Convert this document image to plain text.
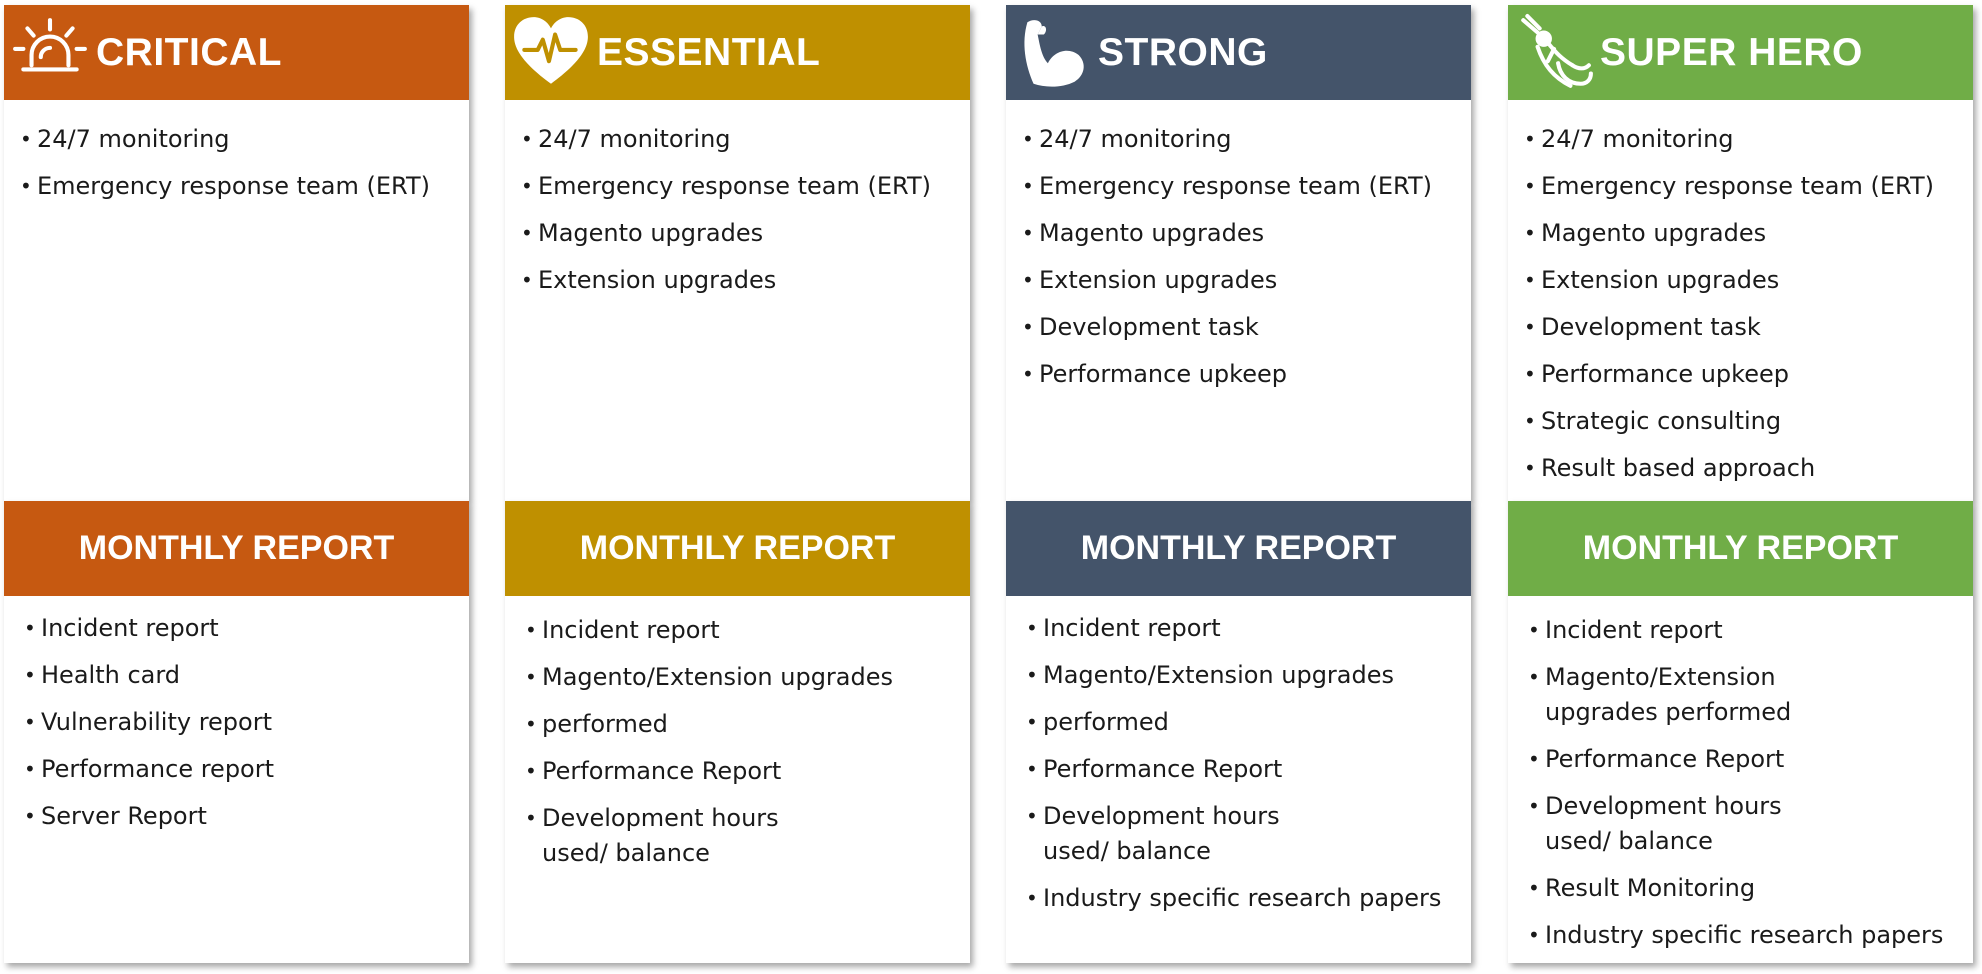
CRITICAL
• 24/7 monitoring
• Emergency response team (ERT)
MONTHLY REPORT
• Incident report
• Health card
• Vulnerability report
• Performance report
• Server Report
ESSENTIAL
• 24/7 monitoring
• Emergency response team (ERT)
• Magento upgrades
• Extension upgrades
MONTHLY REPORT
• Incident report
• Magento/Extension upgrades
• performed
• Performance Report
• Development hours used/ balance
STRONG
• 24/7 monitoring
• Emergency response team (ERT)
• Magento upgrades
• Extension upgrades
• Development task
• Performance upkeep
MONTHLY REPORT
• Incident report
• Magento/Extension upgrades
• performed
• Performance Report
• Development hours used/ balance
• Industry specific research papers
SUPER HERO
• 24/7 monitoring
• Emergency response team (ERT)
• Magento upgrades
• Extension upgrades
• Development task
• Performance upkeep
• Strategic consulting
• Result based approach
MONTHLY REPORT
• Incident report
• Magento/Extension upgrades performed
• Performance Report
• Development hours used/ balance
• Result Monitoring
• Industry specific research papers
